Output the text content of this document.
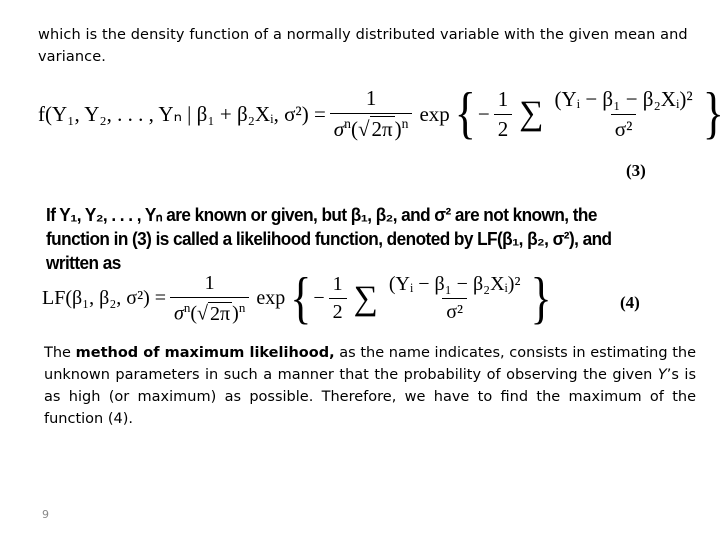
which is the density function of a normally distributed variable with the given mean and variance.
f(Y₁, Y₂, . . . , Yₙ | β₁ + β₂Xᵢ, $\sigma^2) = \frac{1}{\sigma^n(√2\pi)^n}$ exp { − $\frac{1}{2}$ ∑ $\frac{\text{(Yᵢ − β₁ − β₂Xᵢ)²}}{\text{σ²}}$ }
(3)
If Y₁, Y₂, . . . , Yₙ are known or given, but β₁, β₂, and σ² are not known, the function in (3) is called a likelihood function, denoted by LF(β₁, β₂, σ²), and written as
LF(β₁, β₂, $\sigma^2) = \frac{1}{\sigma^n(√ 2\pi )^n}$ exp { − $\frac{1}{2}$ ∑ $\frac{\text{(Yᵢ − β₁ − β₂Xᵢ)²}}{\text{σ²}}$ }	(4)
The method of maximum likelihood, as the name indicates, consists in estimating the unknown parameters in such a manner that the probability of observing the given Y’s is as high (or maximum) as possible. Therefore, we have to find the maximum of the function (4).
9
